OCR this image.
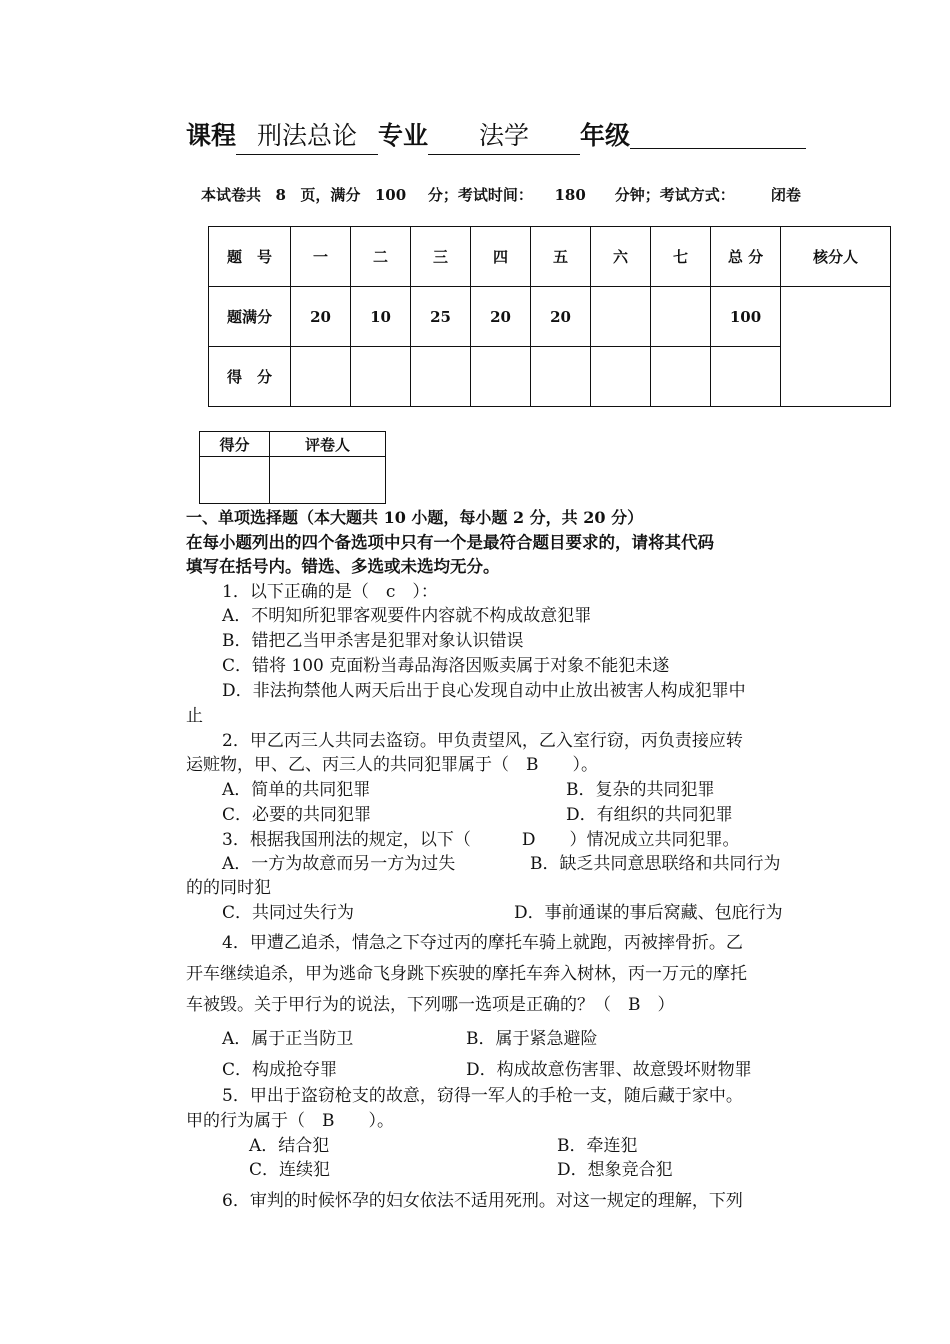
课程 刑法总论 专业 法学 年级
本试卷共 8 页，满分 100 分；考试时间： 180 分钟；考试方式： 闭卷
题　号	一	二	三	四	五	六	七	总 分	核分人
题满分	20	10	25	20	20			100	
得　分									
得分	评卷人

一、单项选择题（本大题共 10 小题，每小题 2 分，共 20 分）
在每小题列出的四个备选项中只有一个是最符合题目要求的，请将其代码
填写在括号内。错选、多选或未选均无分。
1．以下正确的是（　c　）：
A．不明知所犯罪客观要件内容就不构成故意犯罪
B．错把乙当甲杀害是犯罪对象认识错误
C．错将 100 克面粉当毒品海洛因贩卖属于对象不能犯未遂
D．非法拘禁他人两天后出于良心发现自动中止放出被害人构成犯罪中
止
2．甲乙丙三人共同去盗窃。甲负责望风，乙入室行窃，丙负责接应转
运赃物，甲、乙、丙三人的共同犯罪属于（　B　　）。
A．简单的共同犯罪	B．复杂的共同犯罪
C．必要的共同犯罪	D．有组织的共同犯罪
3．根据我国刑法的规定，以下（　　　D　　）情况成立共同犯罪。
A．一方为故意而另一方为过失	B．缺乏共同意思联络和共同行为
的的同时犯
C．共同过失行为	D．事前通谋的事后窝藏、包庇行为
4．甲遭乙追杀，情急之下夺过丙的摩托车骑上就跑，丙被摔骨折。乙
开车继续追杀，甲为逃命飞身跳下疾驶的摩托车奔入树林，丙一万元的摩托
车被毁。关于甲行为的说法，下列哪一选项是正确的？（　B　）
A．属于正当防卫	B．属于紧急避险
C．构成抢夺罪	D．构成故意伤害罪、故意毁坏财物罪
5．甲出于盗窃枪支的故意，窃得一军人的手枪一支，随后藏于家中。
甲的行为属于（　B　　）。
A．结合犯	B．牵连犯
C．连续犯	D．想象竞合犯
6．审判的时候怀孕的妇女依法不适用死刑。对这一规定的理解，下列
